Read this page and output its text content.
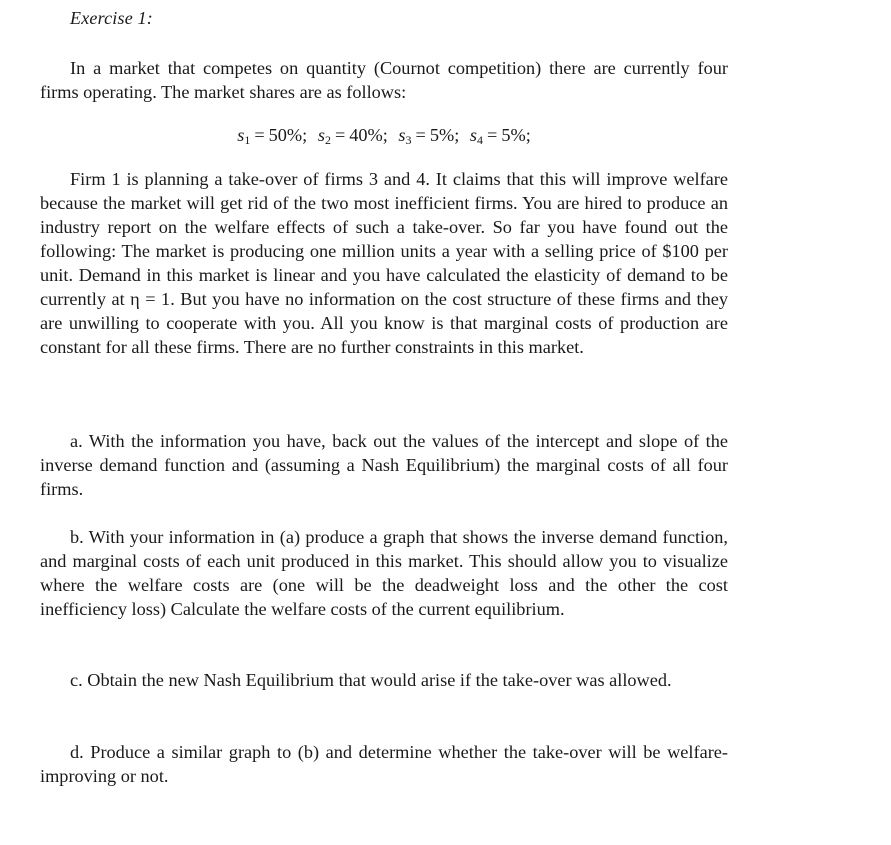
Exercise 1:

In a market that competes on quantity (Cournot competition) there are currently four firms operating. The market shares are as follows:

$s_1 = 50\%$; $s_2 = 40\%$; $s_3 = 5\%$; $s_4 = 5\%$;

Firm 1 is planning a take-over of firms 3 and 4. It claims that this will improve welfare because the market will get rid of the two most inefficient firms. You are hired to produce an industry report on the welfare effects of such a take-over. So far you have found out the following: The market is producing one million units a year with a selling price of $100 per unit. Demand in this market is linear and you have calculated the elasticity of demand to be currently at η = 1. But you have no information on the cost structure of these firms and they are unwilling to cooperate with you. All you know is that marginal costs of production are constant for all these firms. There are no further constraints in this market.

a. With the information you have, back out the values of the intercept and slope of the inverse demand function and (assuming a Nash Equilibrium) the marginal costs of all four firms.

b. With your information in (a) produce a graph that shows the inverse demand function, and marginal costs of each unit produced in this market. This should allow you to visualize where the welfare costs are (one will be the deadweight loss and the other the cost inefficiency loss) Calculate the welfare costs of the current equilibrium.

c. Obtain the new Nash Equilibrium that would arise if the take-over was allowed.

d. Produce a similar graph to (b) and determine whether the take-over will be welfare-improving or not.
